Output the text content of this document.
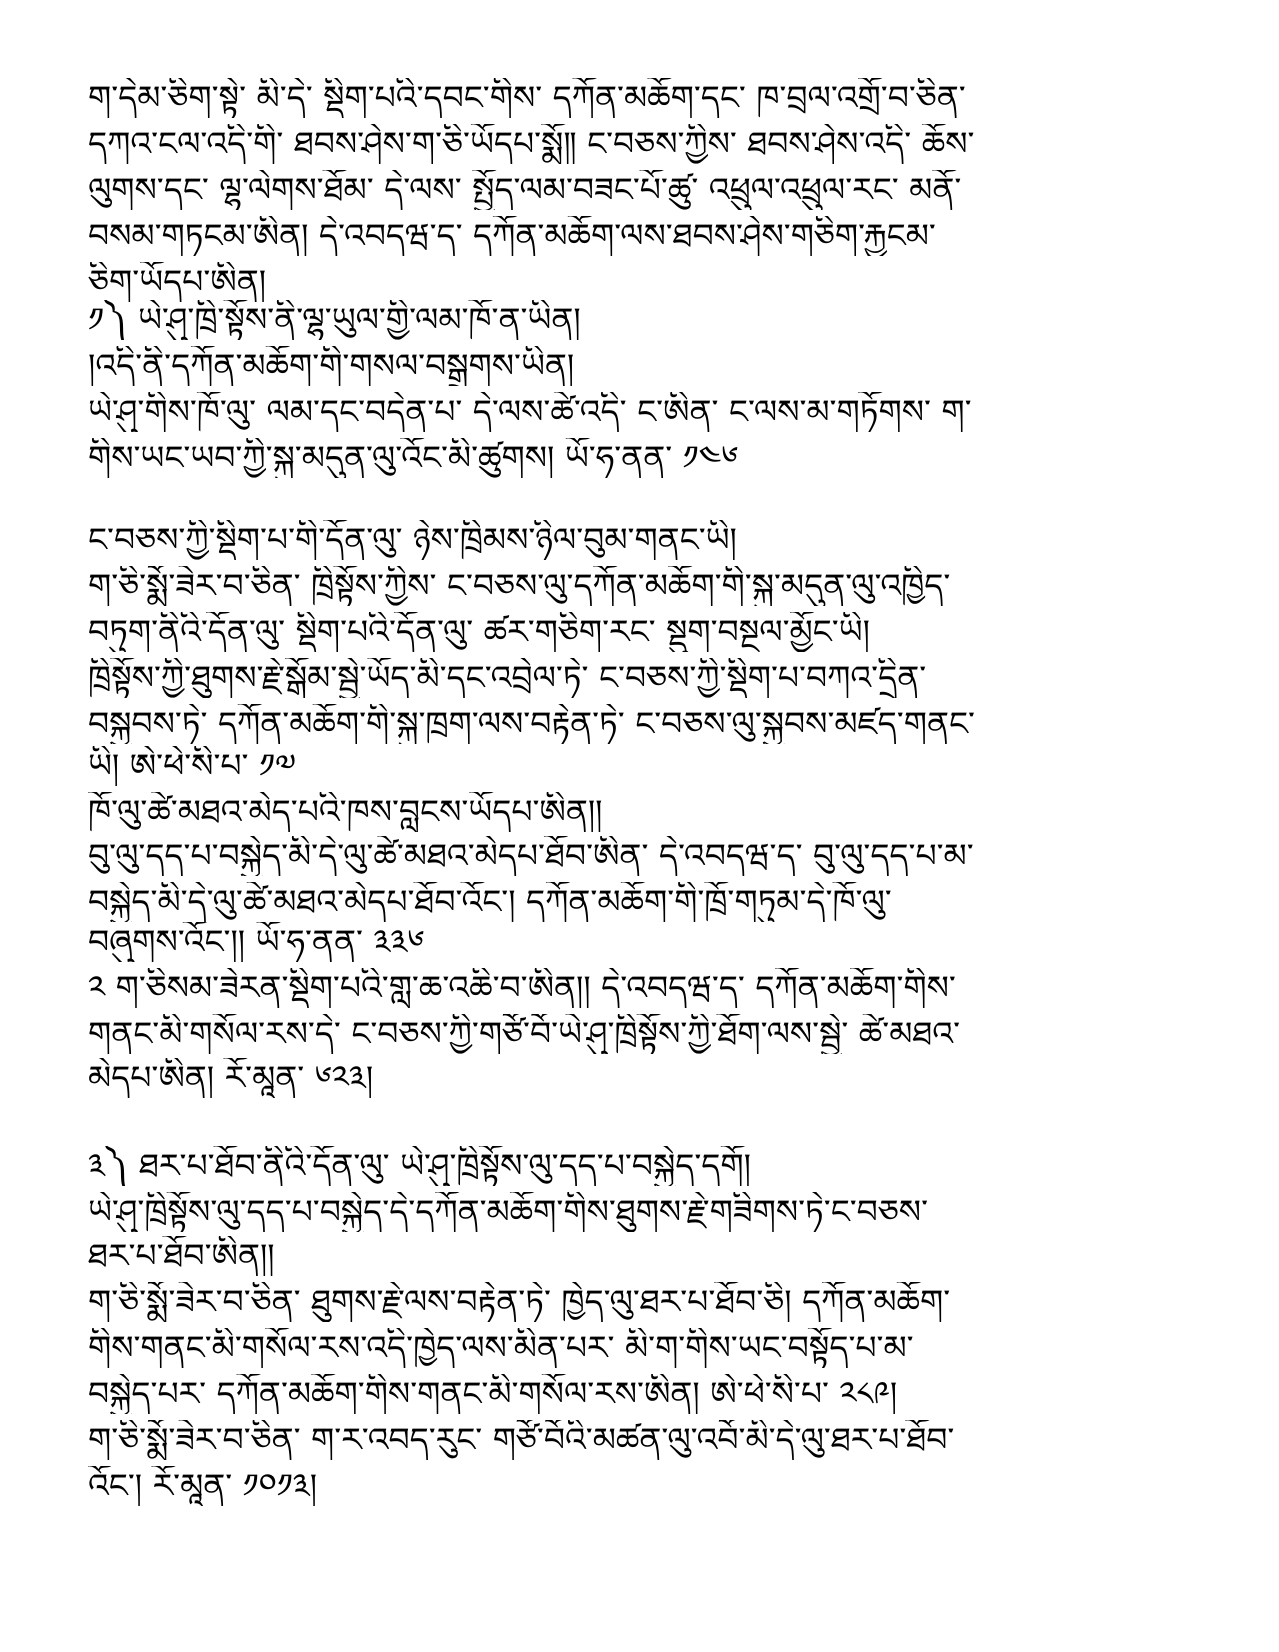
ག་དེམ་ཅིག་སྟེ་ མི་དེ་ སྡིག་པའི་དབང་གིས་ དཀོན་མཆོག་དང་ ཁ་བྲལ་འགྲོ་བ་ཅིན་
དཀའ་ངལ་འདི་གི་ ཐབས་ཤེས་ག་ཅི་ཡོདཔ་སྨོ༎ ང་བཅས་ཀྱིས་ ཐབས་ཤེས་འདི་ ཆོས་
ལུགས་དང་ ལྷ་ལེགས་ཐོམ་ དེ་ལས་ སྤྱོད་ལམ་བཟང་པོ་ཚུ་ འཕྲུལ་འཕྲུལ་རང་ མནོ་
བསམ་གཏངམ་ཨིན། དེ་འབདཝ་ད་ དཀོན་མཆོག་ལས་ཐབས་ཤེས་གཅིག་རྐྱངམ་
ཅིག་ཡོདཔ་ཨིན།
༡༽ ཡེ་ཤུ་ཁྲི་སྟོས་ནི་ལྷ་ཡུལ་གྱི་ལམ་ཁོ་ན་ཡིན།
།འདི་ནི་དཀོན་མཆོག་གི་གསལ་བསྒྲགས་ཡིན།
ཡེ་ཤུ་གིས་ཁོ་ལུ་ ལམ་དང་བདེན་པ་ དེ་ལས་ཚེ་འདི་ ང་ཨིན་ ང་ལས་མ་གཏོགས་ ག་
གིས་ཡང་ཡབ་ཀྱི་སྐུ་མདུན་ལུ་འོང་མི་ཚུགས། ཡོ་ཧ་ནན་ ༡༤༦
ང་བཅས་ཀྱི་སྡིག་པ་གི་དོན་ལུ་ ཉེས་ཁྲིམས་ཉིལ་བུམ་གནང་ཡི།
ག་ཅི་སྨོ་ཟེར་བ་ཅིན་ ཁྲིསྟོས་ཀྱིས་ ང་བཅས་ལུ་དཀོན་མཆོག་གི་སྐུ་མདུན་ལུ་འཁྱིད་
བཏུག་ནིའི་དོན་ལུ་ སྡིག་པའི་དོན་ལུ་ ཚར་གཅིག་རང་ སྡུག་བསྔལ་མྱོང་ཡི།
ཁྲིསྟོས་ཀྱི་ཐུགས་རྗེ་སྒོམ་སྦྱེ་ཡོད་མི་དང་འབྲེལ་ཏེ་ ང་བཅས་ཀྱི་སྡིག་པ་བཀའ་དྲིན་
བསྐྱབས་ཏེ་ དཀོན་མཆོག་གི་སྐུ་ཁྲག་ལས་བརྟེན་ཏེ་ ང་བཅས་ལུ་སྐྱབས་མཛད་གནང་
ཡི། ཨེ་ཕེ་སི་པ་ ༡༧
ཁོ་ལུ་ཚེ་མཐའ་མེད་པའི་ཁས་བླངས་ཡོདཔ་ཨིན།།
བུ་ལུ་དད་པ་བསྐྱེད་མི་དེ་ལུ་ཚེ་མཐའ་མེདཔ་ཐོབ་ཨིན་ དེ་འབདཝ་ད་ བུ་ལུ་དད་པ་མ་
བསྐྱེད་མི་དེ་ལུ་ཚེ་མཐའ་མེདཔ་ཐོབ་འོང་། དཀོན་མཆོག་གི་ཁྲོ་གཏུམ་དེ་ཁོ་ལུ་
བཞུགས་འོང་།། ཡོ་ཧ་ནན་ ༣༣༦
༢ ག་ཅིསམ་ཟེརན་སྡིག་པའི་གླ་ཆ་འཆི་བ་ཨིན།། དེ་འབདཝ་ད་ དཀོན་མཆོག་གིས་
གནང་མི་གསོལ་རས་དེ་ ང་བཅས་ཀྱི་གཙོ་བོ་ཡེ་ཤུ་ཁྲིསྟོས་ཀྱི་ཐོག་ལས་སྦྱེ་ ཚེ་མཐའ་
མེདཔ་ཨིན། རོ་མཱན་ ༦༢༣།
༣༽ ཐར་པ་ཐོབ་ནིའི་དོན་ལུ་ ཡེ་ཤུ་ཁྲིསྟོས་ལུ་དད་པ་བསྐྱེད་དགོ།
ཡེ་ཤུ་ཁྲིསྟོས་ལུ་དད་པ་བསྐྱེད་དེ་དཀོན་མཆོག་གིས་ཐུགས་རྗེ་གཟིགས་ཏེ་ང་བཅས་
ཐར་པ་ཐོབ་ཨིན།།
ག་ཅི་སྨོ་ཟེར་བ་ཅིན་ ཐུགས་རྗེ་ལས་བརྟེན་ཏེ་ ཁྱེད་ལུ་ཐར་པ་ཐོབ་ཅི། དཀོན་མཆོག་
གིས་གནང་མི་གསོལ་རས་འདི་ཁྱེད་ལས་མིན་པར་ མི་ག་གིས་ཡང་བསྟོད་པ་མ་
བསྐྱེད་པར་ དཀོན་མཆོག་གིས་གནང་མི་གསོལ་རས་ཨིན། ཨེ་ཕེ་སི་པ་ ༢༨༩།
ག་ཅི་སྨོ་ཟེར་བ་ཅིན་ ག་ར་འབད་རུང་ གཙོ་བོའི་མཚན་ལུ་འབོ་མི་དེ་ལུ་ཐར་པ་ཐོབ་
འོང་། རོ་མཱན་ ༡༠༡༣།
